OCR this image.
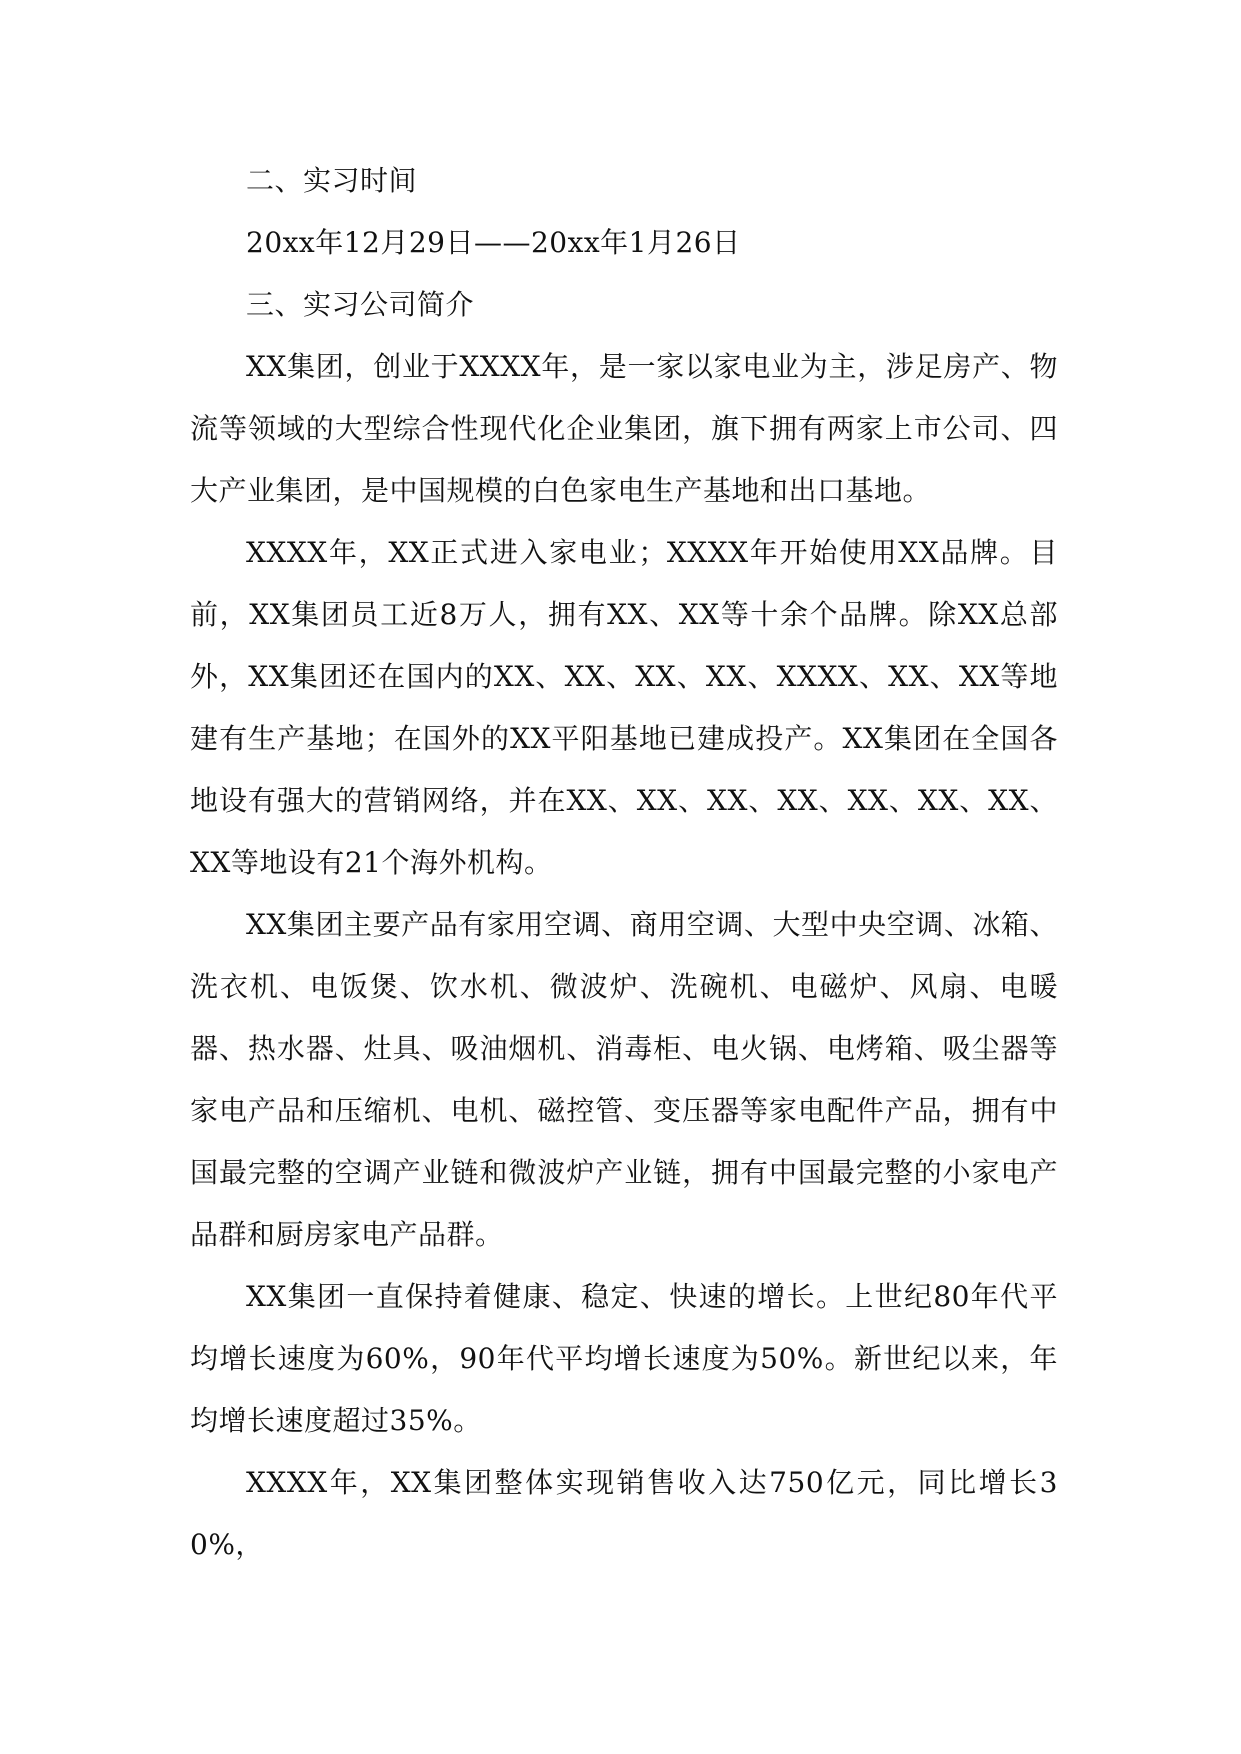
二、实习时间

20xx年12月29日——20xx年1月26日

三、实习公司简介

XX集团，创业于XXXX年，是一家以家电业为主，涉足房产、物流等领域的大型综合性现代化企业集团，旗下拥有两家上市公司、四大产业集团，是中国规模的白色家电生产基地和出口基地。

XXXX年，XX正式进入家电业；XXXX年开始使用XX品牌。目前，XX集团员工近8万人，拥有XX、XX等十余个品牌。除XX总部外，XX集团还在国内的XX、XX、XX、XX、XXXX、XX、XX等地建有生产基地；在国外的XX平阳基地已建成投产。XX集团在全国各地设有强大的营销网络，并在XX、XX、XX、XX、XX、XX、XX、XX等地设有21个海外机构。

XX集团主要产品有家用空调、商用空调、大型中央空调、冰箱、洗衣机、电饭煲、饮水机、微波炉、洗碗机、电磁炉、风扇、电暖器、热水器、灶具、吸油烟机、消毒柜、电火锅、电烤箱、吸尘器等家电产品和压缩机、电机、磁控管、变压器等家电配件产品，拥有中国最完整的空调产业链和微波炉产业链，拥有中国最完整的小家电产品群和厨房家电产品群。

XX集团一直保持着健康、稳定、快速的增长。上世纪80年代平均增长速度为60%，90年代平均增长速度为50%。新世纪以来，年均增长速度超过35%。

XXXX年，XX集团整体实现销售收入达750亿元，同比增长30%，
